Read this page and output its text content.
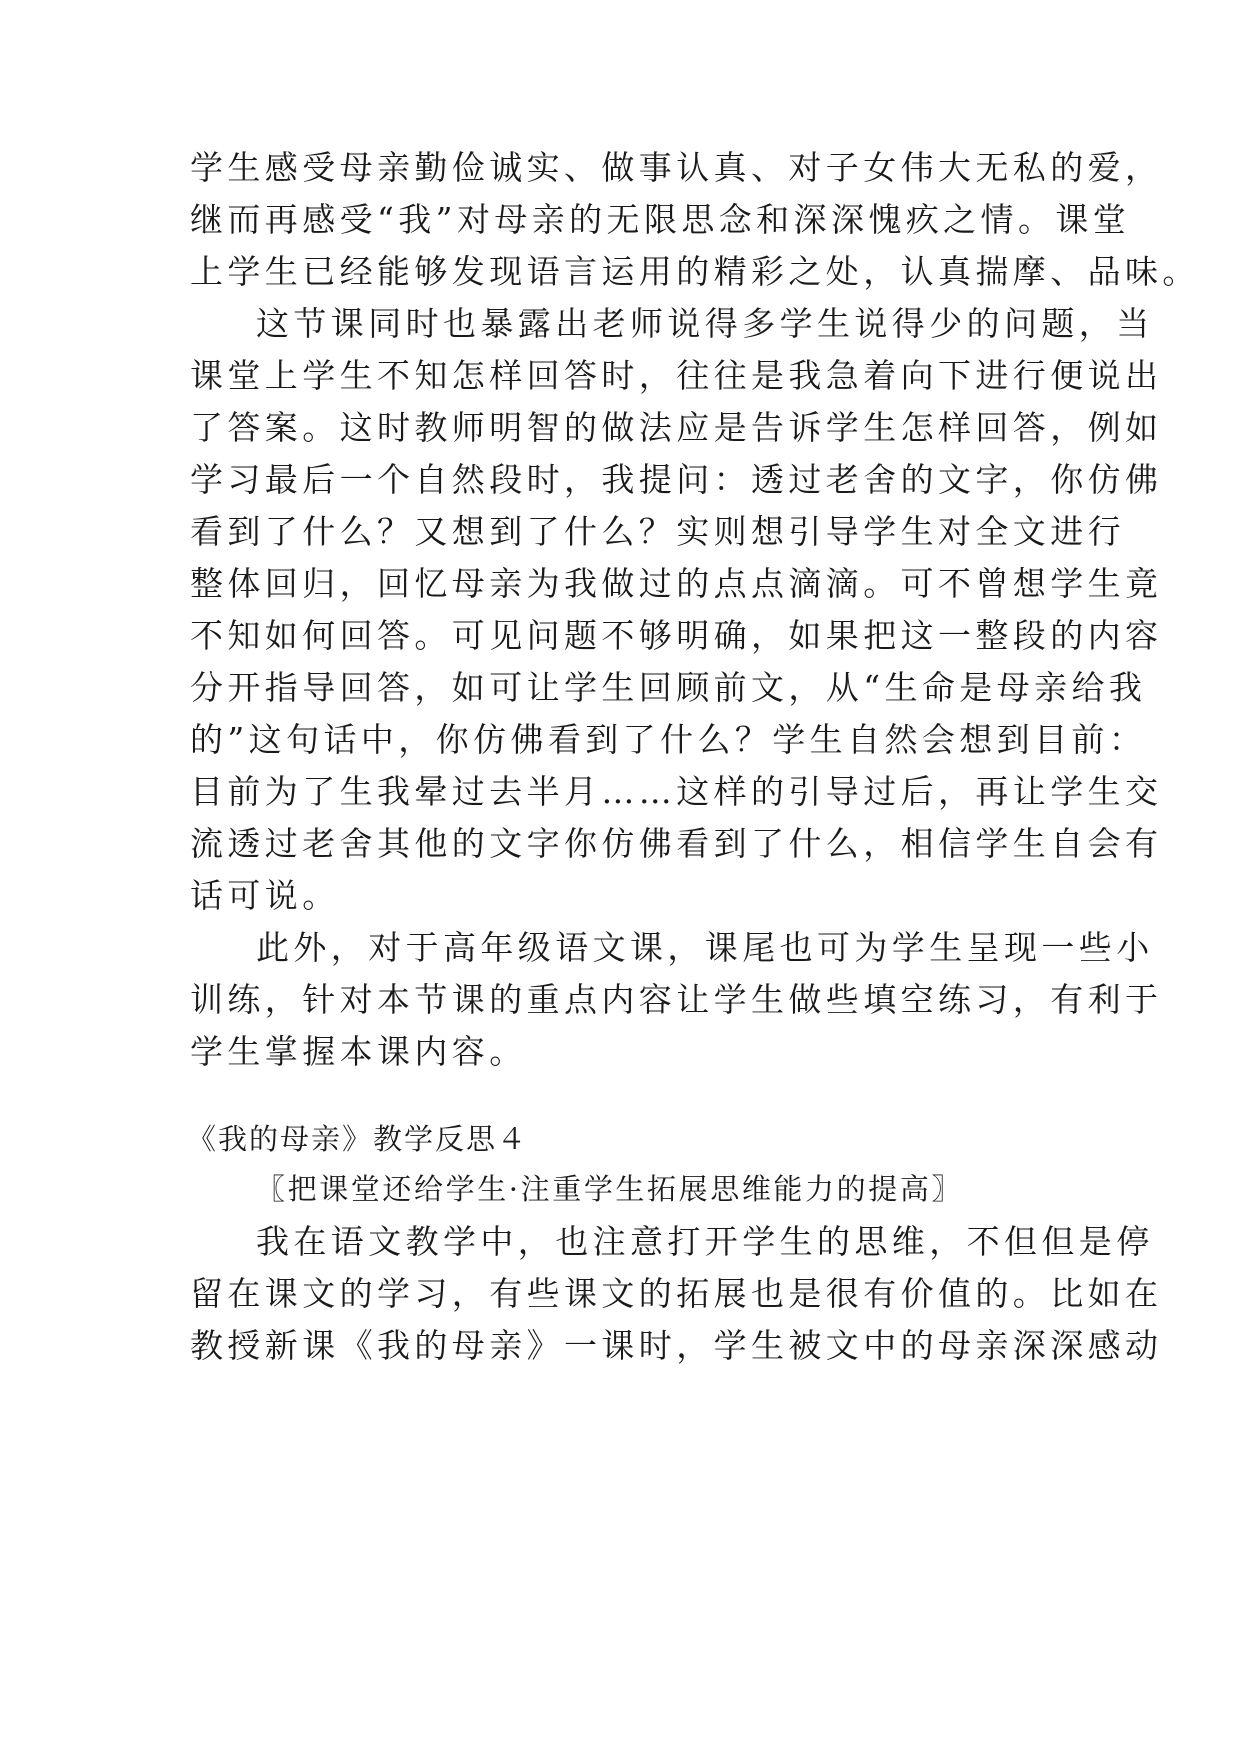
学生感受母亲勤俭诚实、做事认真、对子女伟大无私的爱，
继而再感受“我”对母亲的无限思念和深深愧疚之情。课堂
上学生已经能够发现语言运用的精彩之处，认真揣摩、品味。
这节课同时也暴露出老师说得多学生说得少的问题，当
课堂上学生不知怎样回答时，往往是我急着向下进行便说出
了答案。这时教师明智的做法应是告诉学生怎样回答，例如
学习最后一个自然段时，我提问：透过老舍的文字，你仿佛
看到了什么？又想到了什么？实则想引导学生对全文进行
整体回归，回忆母亲为我做过的点点滴滴。可不曾想学生竟
不知如何回答。可见问题不够明确，如果把这一整段的内容
分开指导回答，如可让学生回顾前文，从“生命是母亲给我
的”这句话中，你仿佛看到了什么？学生自然会想到目前：
目前为了生我晕过去半月……这样的引导过后，再让学生交
流透过老舍其他的文字你仿佛看到了什么，相信学生自会有
话可说。
此外，对于高年级语文课，课尾也可为学生呈现一些小
训练，针对本节课的重点内容让学生做些填空练习，有利于
学生掌握本课内容。
《我的母亲》教学反思４
〖把课堂还给学生·注重学生拓展思维能力的提高〗
我在语文教学中，也注意打开学生的思维，不但但是停
留在课文的学习，有些课文的拓展也是很有价值的。比如在
教授新课《我的母亲》一课时，学生被文中的母亲深深感动
